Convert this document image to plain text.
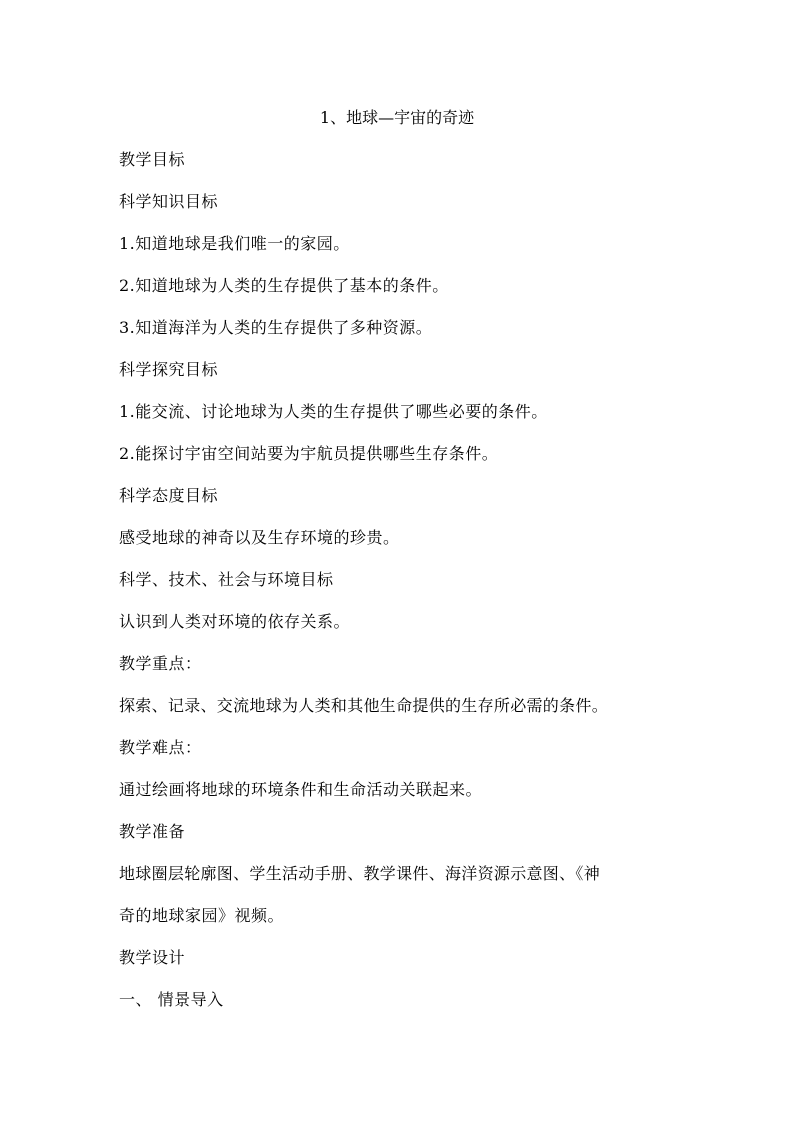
1、地球—宇宙的奇迹
教学目标
科学知识目标
1.知道地球是我们唯一的家园。
2.知道地球为人类的生存提供了基本的条件。
3.知道海洋为人类的生存提供了多种资源。
科学探究目标
1.能交流、讨论地球为人类的生存提供了哪些必要的条件。
2.能探讨宇宙空间站要为宇航员提供哪些生存条件。
科学态度目标
感受地球的神奇以及生存环境的珍贵。
科学、技术、社会与环境目标
认识到人类对环境的依存关系。
教学重点：
探索、记录、交流地球为人类和其他生命提供的生存所必需的条件。
教学难点：
通过绘画将地球的环境条件和生命活动关联起来。
教学准备
地球圈层轮廓图、学生活动手册、教学课件、海洋资源示意图、《神
奇的地球家园》视频。
教学设计
一、 情景导入
